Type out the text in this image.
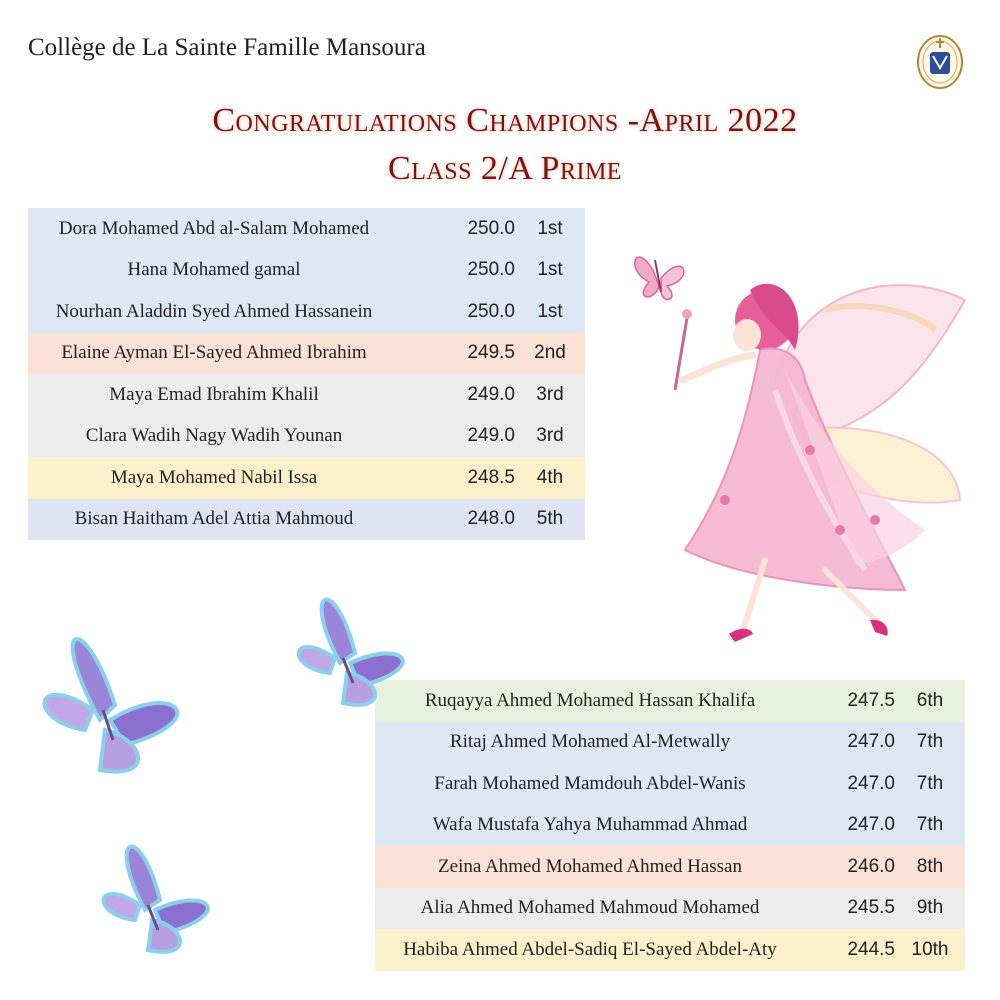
Collège de La Sainte Famille Mansoura
Congratulations Champions -April 2022
Class 2/A Prime
Dora Mohamed Abd al-Salam Mohamed	250.0	1st
Hana Mohamed gamal	250.0	1st
Nourhan Aladdin Syed Ahmed Hassanein	250.0	1st
Elaine Ayman El-Sayed Ahmed Ibrahim	249.5	2nd
Maya Emad Ibrahim Khalil	249.0	3rd
Clara Wadih Nagy Wadih Younan	249.0	3rd
Maya Mohamed Nabil Issa	248.5	4th
Bisan Haitham Adel Attia Mahmoud	248.0	5th
Ruqayya Ahmed Mohamed Hassan Khalifa	247.5	6th
Ritaj Ahmed Mohamed Al-Metwally	247.0	7th
Farah Mohamed Mamdouh Abdel-Wanis	247.0	7th
Wafa Mustafa Yahya Muhammad Ahmad	247.0	7th
Zeina Ahmed Mohamed Ahmed Hassan	246.0	8th
Alia Ahmed Mohamed Mahmoud Mohamed	245.5	9th
Habiba Ahmed Abdel-Sadiq El-Sayed Abdel-Aty	244.5	10th
